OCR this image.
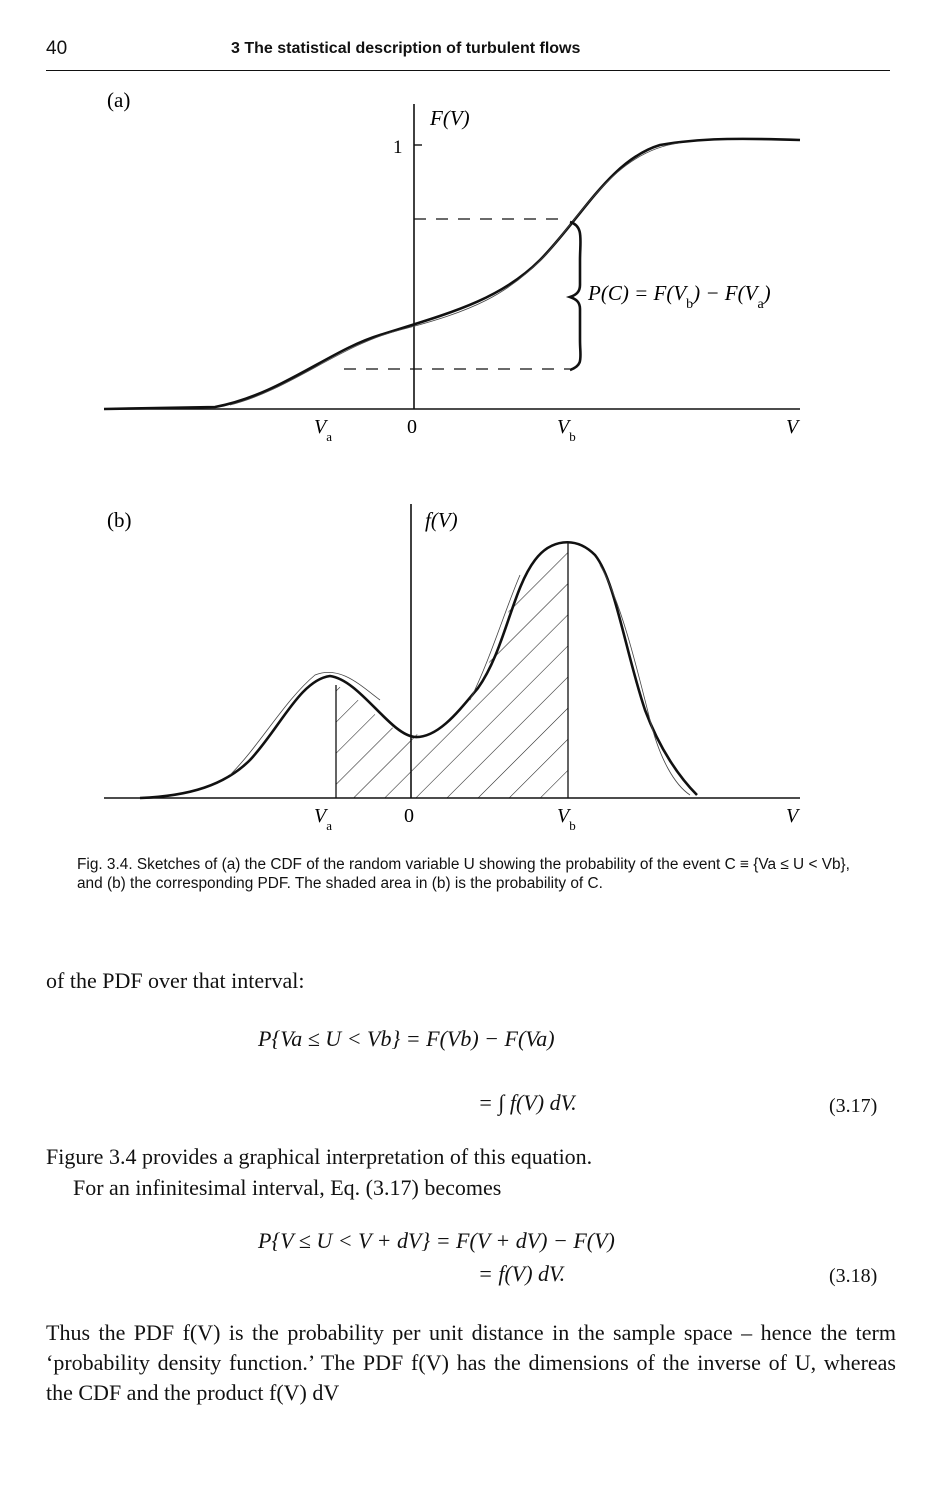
40	3 The statistical description of turbulent flows
(a)
1
F(V)
$P(C) = F(V_b) - F(V_a)$
$V_a$	0	$V_b$	V
(b)	f(V)
$V_a$	0	$V_b$	V
Fig. 3.4. Sketches of (a) the CDF of the random variable U showing the probability of the event C ≡ {Va ≤ U < Vb}, and (b) the corresponding PDF. The shaded area in (b) is the probability of C.
of the PDF over that interval:
P{Va ≤ U < Vb} = F(Vb) − F(Va)
= ∫ f(V) dV.	(3.17)
Figure 3.4 provides a graphical interpretation of this equation.
For an infinitesimal interval, Eq. (3.17) becomes
P{V ≤ U < V + dV} = F(V + dV) − F(V)
= f(V) dV.	(3.18)
Thus the PDF f(V) is the probability per unit distance in the sample space – hence the term ‘probability density function.’ The PDF f(V) has the dimensions of the inverse of U, whereas the CDF and the product f(V) dV
